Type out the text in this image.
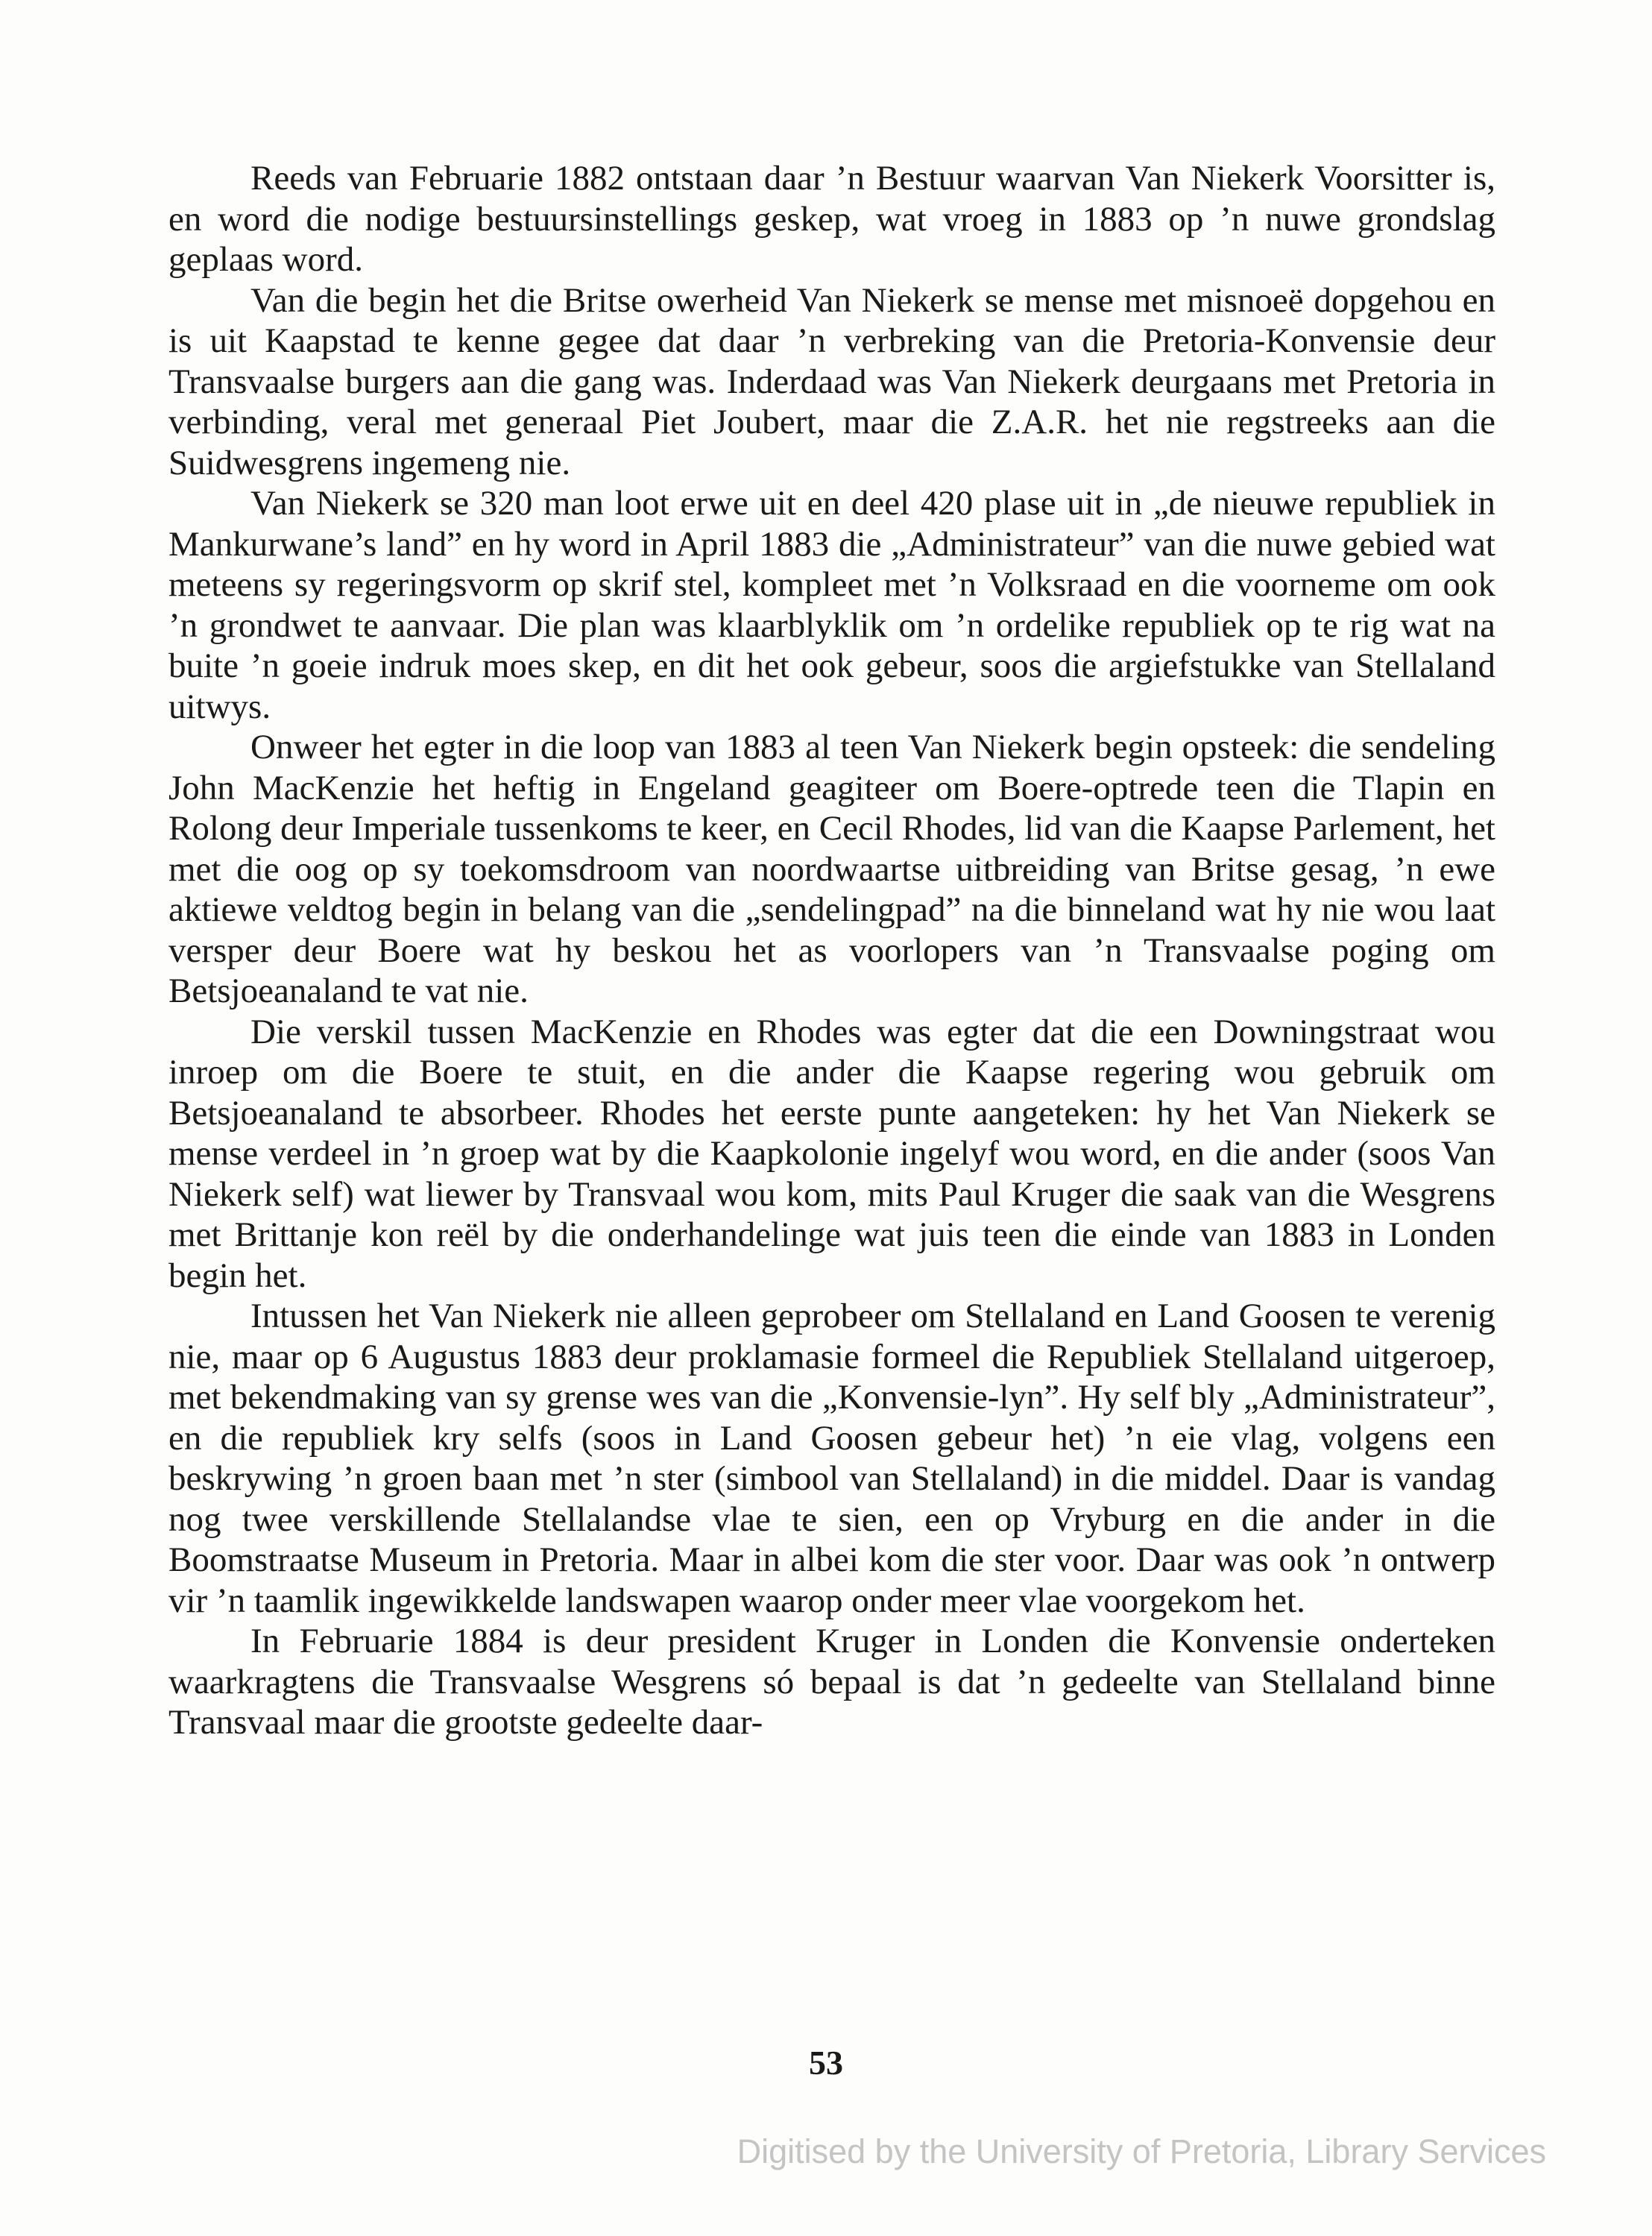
Reeds van Februarie 1882 ontstaan daar ’n Bestuur waarvan Van Niekerk Voorsitter is, en word die nodige bestuursinstellings geskep, wat vroeg in 1883 op ’n nuwe grondslag geplaas word.

Van die begin het die Britse owerheid Van Niekerk se mense met misnoeë dopgehou en is uit Kaapstad te kenne gegee dat daar ’n verbreking van die Pretoria-Konvensie deur Transvaalse burgers aan die gang was. Inderdaad was Van Niekerk deurgaans met Pretoria in verbinding, veral met generaal Piet Joubert, maar die Z.A.R. het nie regstreeks aan die Suidwesgrens ingemeng nie.

Van Niekerk se 320 man loot erwe uit en deel 420 plase uit in „de nieuwe republiek in Mankurwane’s land” en hy word in April 1883 die „Administrateur” van die nuwe gebied wat meteens sy regeringsvorm op skrif stel, kompleet met ’n Volksraad en die voorneme om ook ’n grondwet te aanvaar. Die plan was klaarblyklik om ’n ordelike republiek op te rig wat na buite ’n goeie indruk moes skep, en dit het ook gebeur, soos die argiefstukke van Stellaland uitwys.

Onweer het egter in die loop van 1883 al teen Van Niekerk begin opsteek: die sendeling John MacKenzie het heftig in Engeland geagiteer om Boere-optrede teen die Tlapin en Rolong deur Imperiale tussenkoms te keer, en Cecil Rhodes, lid van die Kaapse Parlement, het met die oog op sy toekomsdroom van noordwaartse uitbreiding van Britse gesag, ’n ewe aktiewe veldtog begin in belang van die „sendelingpad” na die binneland wat hy nie wou laat versper deur Boere wat hy beskou het as voorlopers van ’n Transvaalse poging om Betsjoeanaland te vat nie.

Die verskil tussen MacKenzie en Rhodes was egter dat die een Downingstraat wou inroep om die Boere te stuit, en die ander die Kaapse regering wou gebruik om Betsjoeanaland te absorbeer. Rhodes het eerste punte aangeteken: hy het Van Niekerk se mense verdeel in ’n groep wat by die Kaapkolonie ingelyf wou word, en die ander (soos Van Niekerk self) wat liewer by Transvaal wou kom, mits Paul Kruger die saak van die Wesgrens met Brittanje kon reël by die onderhandelinge wat juis teen die einde van 1883 in Londen begin het.

Intussen het Van Niekerk nie alleen geprobeer om Stellaland en Land Goosen te verenig nie, maar op 6 Augustus 1883 deur proklamasie formeel die Republiek Stellaland uitgeroep, met bekendmaking van sy grense wes van die „Konvensie-lyn”. Hy self bly „Administrateur”, en die republiek kry selfs (soos in Land Goosen gebeur het) ’n eie vlag, volgens een beskrywing ’n groen baan met ’n ster (simbool van Stellaland) in die middel. Daar is vandag nog twee verskillende Stellalandse vlae te sien, een op Vryburg en die ander in die Boomstraatse Museum in Pretoria. Maar in albei kom die ster voor. Daar was ook ’n ontwerp vir ’n taamlik ingewikkelde landswapen waarop onder meer vlae voorgekom het.

In Februarie 1884 is deur president Kruger in Londen die Konvensie onderteken waarkragtens die Transvaalse Wesgrens só bepaal is dat ’n gedeelte van Stellaland binne Transvaal maar die grootste gedeelte daar-

53
Digitised by the University of Pretoria, Library Services
